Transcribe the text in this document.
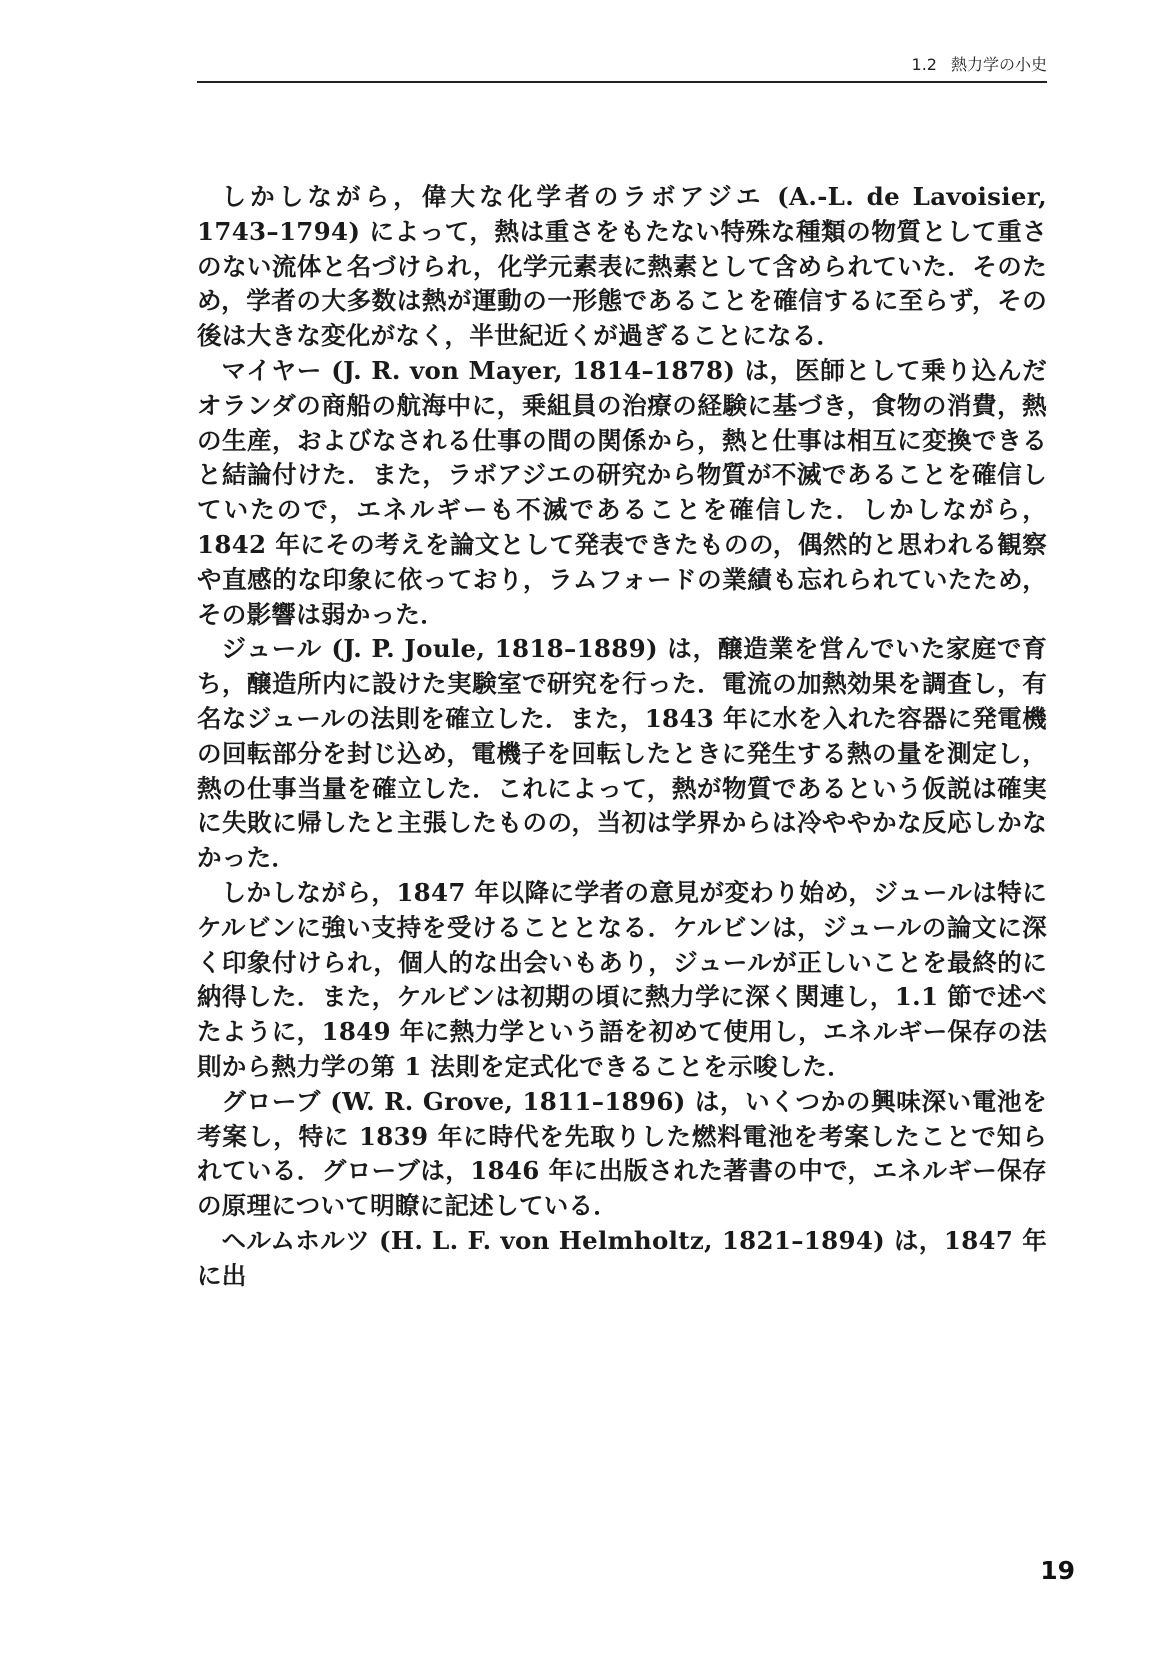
1.2 熱力学の小史

しかしながら，偉大な化学者のラボアジエ (A.-L. de Lavoisier, 1743–1794) によって，熱は重さをもたない特殊な種類の物質として重さのない流体と名づけられ，化学元素表に熱素として含められていた．そのため，学者の大多数は熱が運動の一形態であることを確信するに至らず，その後は大きな変化がなく，半世紀近くが過ぎることになる．

マイヤー (J. R. von Mayer, 1814–1878) は，医師として乗り込んだオランダの商船の航海中に，乗組員の治療の経験に基づき，食物の消費，熱の生産，およびなされる仕事の間の関係から，熱と仕事は相互に変換できると結論付けた．また，ラボアジエの研究から物質が不滅であることを確信していたので，エネルギーも不滅であることを確信した．しかしながら，1842 年にその考えを論文として発表できたものの，偶然的と思われる観察や直感的な印象に依っており，ラムフォードの業績も忘れられていたため，その影響は弱かった．

ジュール (J. P. Joule, 1818–1889) は，醸造業を営んでいた家庭で育ち，醸造所内に設けた実験室で研究を行った．電流の加熱効果を調査し，有名なジュールの法則を確立した．また，1843 年に水を入れた容器に発電機の回転部分を封じ込め，電機子を回転したときに発生する熱の量を測定し，熱の仕事当量を確立した．これによって，熱が物質であるという仮説は確実に失敗に帰したと主張したものの，当初は学界からは冷ややかな反応しかなかった．

しかしながら，1847 年以降に学者の意見が変わり始め，ジュールは特にケルビンに強い支持を受けることとなる．ケルビンは，ジュールの論文に深く印象付けられ，個人的な出会いもあり，ジュールが正しいことを最終的に納得した．また，ケルビンは初期の頃に熱力学に深く関連し，1.1 節で述べたように，1849 年に熱力学という語を初めて使用し，エネルギー保存の法則から熱力学の第 1 法則を定式化できることを示唆した．

グローブ (W. R. Grove, 1811–1896) は，いくつかの興味深い電池を考案し，特に 1839 年に時代を先取りした燃料電池を考案したことで知られている．グローブは，1846 年に出版された著書の中で，エネルギー保存の原理について明瞭に記述している．

ヘルムホルツ (H. L. F. von Helmholtz, 1821–1894) は，1847 年に出

19
